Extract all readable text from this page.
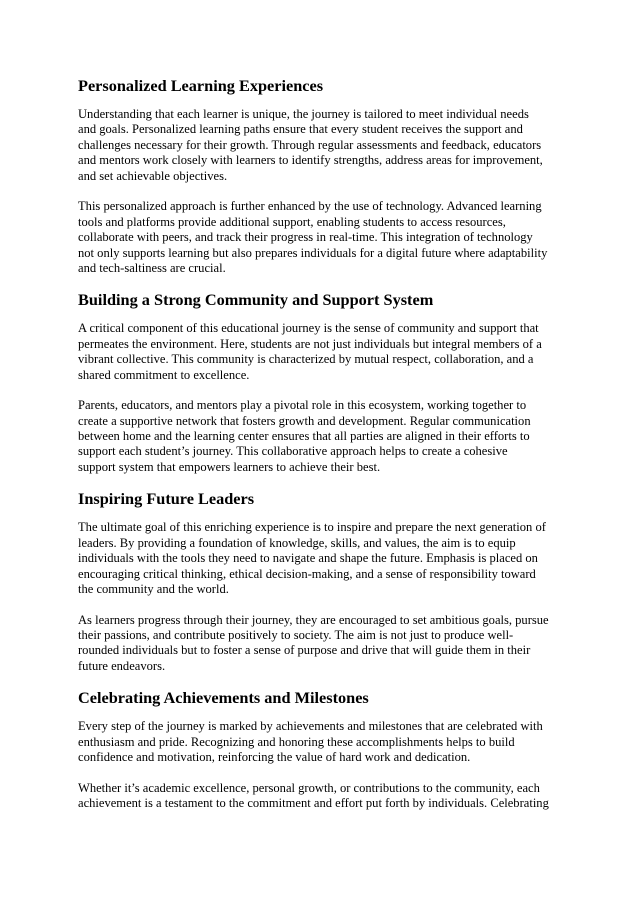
Personalized Learning Experiences

Understanding that each learner is unique, the journey is tailored to meet individual needs
and goals. Personalized learning paths ensure that every student receives the support and
challenges necessary for their growth. Through regular assessments and feedback, educators
and mentors work closely with learners to identify strengths, address areas for improvement,
and set achievable objectives.

This personalized approach is further enhanced by the use of technology. Advanced learning
tools and platforms provide additional support, enabling students to access resources,
collaborate with peers, and track their progress in real-time. This integration of technology
not only supports learning but also prepares individuals for a digital future where adaptability
and tech-saltiness are crucial.

Building a Strong Community and Support System

A critical component of this educational journey is the sense of community and support that
permeates the environment. Here, students are not just individuals but integral members of a
vibrant collective. This community is characterized by mutual respect, collaboration, and a
shared commitment to excellence.

Parents, educators, and mentors play a pivotal role in this ecosystem, working together to
create a supportive network that fosters growth and development. Regular communication
between home and the learning center ensures that all parties are aligned in their efforts to
support each student’s journey. This collaborative approach helps to create a cohesive
support system that empowers learners to achieve their best.

Inspiring Future Leaders

The ultimate goal of this enriching experience is to inspire and prepare the next generation of
leaders. By providing a foundation of knowledge, skills, and values, the aim is to equip
individuals with the tools they need to navigate and shape the future. Emphasis is placed on
encouraging critical thinking, ethical decision-making, and a sense of responsibility toward
the community and the world.

As learners progress through their journey, they are encouraged to set ambitious goals, pursue
their passions, and contribute positively to society. The aim is not just to produce well-
rounded individuals but to foster a sense of purpose and drive that will guide them in their
future endeavors.

Celebrating Achievements and Milestones

Every step of the journey is marked by achievements and milestones that are celebrated with
enthusiasm and pride. Recognizing and honoring these accomplishments helps to build
confidence and motivation, reinforcing the value of hard work and dedication.

Whether it’s academic excellence, personal growth, or contributions to the community, each
achievement is a testament to the commitment and effort put forth by individuals. Celebrating
